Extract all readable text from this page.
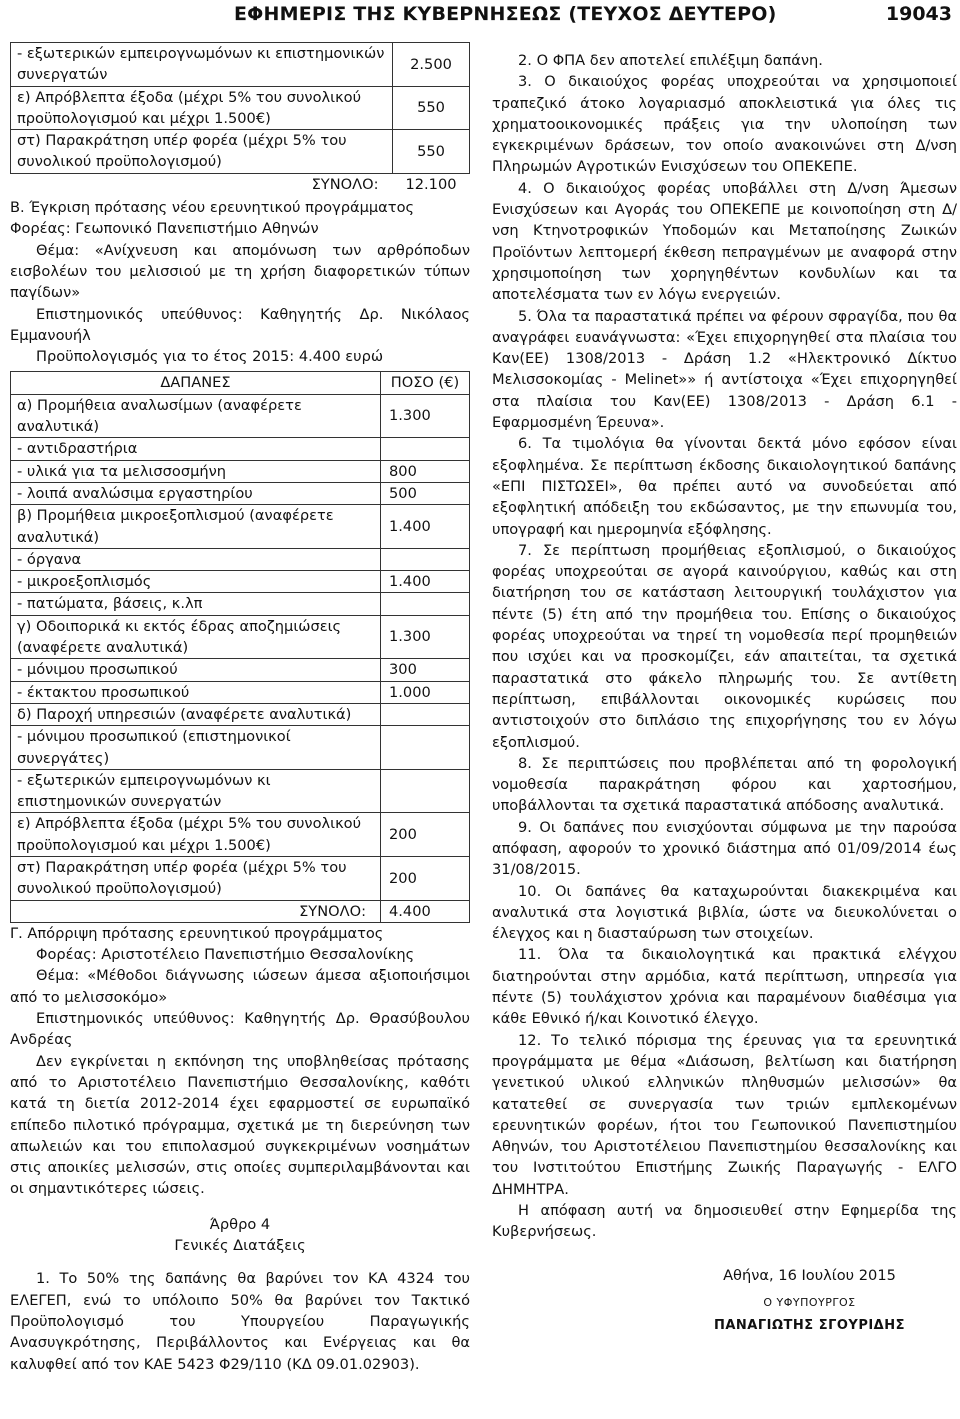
ΕΦΗΜΕΡΙΣ ΤΗΣ ΚΥΒΕΡΝΗΣΕΩΣ (ΤΕΥΧΟΣ ΔΕΥΤΕΡΟ)	19043
- εξωτερικών εμπειρογνωμόνων κι επιστημονικών συνεργατών	2.500
ε) Απρόβλεπτα έξοδα (μέχρι 5% του συνολικού προϋπολογισμού και μέχρι 1.500€)	550
στ) Παρακράτηση υπέρ φορέα (μέχρι 5% του συνολικού προϋπολογισμού)	550
ΣΥΝΟΛΟ:	12.100

Β. Έγκριση πρότασης νέου ερευνητικού προγράμματος

Φορέας: Γεωπονικό Πανεπιστήμιο Αθηνών

Θέμα: «Ανίχνευση και απομόνωση των αρθρόποδων εισβολέων του μελισσιού με τη χρήση διαφορετικών τύπων παγίδων»

Επιστημονικός υπεύθυνος: Καθηγητής Δρ. Νικόλαος Εμμανουήλ

Προϋπολογισμός για το έτος 2015: 4.400 ευρώ

ΔΑΠΑΝΕΣ	ΠΟΣΟ (€)
α) Προμήθεια αναλωσίμων (αναφέρετε αναλυτικά)	1.300
- αντιδραστήρια	
- υλικά για τα μελισσοσμήνη	800
- λοιπά αναλώσιμα εργαστηρίου	500
β) Προμήθεια μικροεξοπλισμού (αναφέρετε αναλυτικά)	1.400
- όργανα	
- μικροεξοπλισμός	1.400
- πατώματα, βάσεις, κ.λπ	
γ) Οδοιπορικά κι εκτός έδρας αποζημιώσεις (αναφέρετε αναλυτικά)	1.300
- μόνιμου προσωπικού	300
- έκτακτου προσωπικού	1.000
δ) Παροχή υπηρεσιών (αναφέρετε αναλυτικά)	
- μόνιμου προσωπικού (επιστημονικοί συνεργάτες)	
- εξωτερικών εμπειρογνωμόνων κι επιστημονικών συνεργατών	
ε) Απρόβλεπτα έξοδα (μέχρι 5% του συνολικού προϋπολογισμού και μέχρι 1.500€)	200
στ) Παρακράτηση υπέρ φορέα (μέχρι 5% του συνολικού προϋπολογισμού)	200
ΣΥΝΟΛΟ:	4.400

Γ. Απόρριψη πρότασης ερευνητικού προγράμματος

Φορέας: Αριστοτέλειο Πανεπιστήμιο Θεσσαλονίκης

Θέμα: «Μέθοδοι διάγνωσης ιώσεων άμεσα αξιοποιήσιμοι από το μελισσοκόμο»

Επιστημονικός υπεύθυνος: Καθηγητής Δρ. Θρασύβουλου Ανδρέας

Δεν εγκρίνεται η εκπόνηση της υποβληθείσας πρότασης από το Αριστοτέλειο Πανεπιστήμιο Θεσσαλονίκης, καθότι κατά τη διετία 2012-2014 έχει εφαρμοστεί σε ευρωπαϊκό επίπεδο πιλοτικό πρόγραμμα, σχετικά με τη διερεύνηση των απωλειών και του επιπολασμού συγκεκριμένων νοσημάτων στις αποικίες μελισσών, στις οποίες συμπεριλαμβάνονται και οι σημαντικότερες ιώσεις.

Άρθρο 4

Γενικές Διατάξεις

1. Το 50% της δαπάνης θα βαρύνει τον ΚΑ 4324 του ΕΛΕΓΕΠ, ενώ το υπόλοιπο 50% θα βαρύνει τον Τακτικό Προϋπολογισμό του Υπουργείου Παραγωγικής Ανασυγκρότησης, Περιβάλλοντος και Ενέργειας και θα καλυφθεί από τον ΚΑΕ 5423 Φ29/110 (ΚΔ 09.01.02903).

2. Ο ΦΠΑ δεν αποτελεί επιλέξιμη δαπάνη.

3. Ο δικαιούχος φορέας υποχρεούται να χρησιμοποιεί τραπεζικό άτοκο λογαριασμό αποκλειστικά για όλες τις χρηματοοικονομικές πράξεις για την υλοποίηση των εγκεκριμένων δράσεων, τον οποίο ανακοινώνει στη Δ/νση Πληρωμών Αγροτικών Ενισχύσεων του ΟΠΕΚΕΠΕ.

4. Ο δικαιούχος φορέας υποβάλλει στη Δ/νση Άμεσων Ενισχύσεων και Αγοράς του ΟΠΕΚΕΠΕ με κοινοποίηση στη Δ/νση Κτηνοτροφικών Υποδομών και Μεταποίησης Ζωικών Προϊόντων λεπτομερή έκθεση πεπραγμένων με αναφορά στην χρησιμοποίηση των χορηγηθέντων κονδυλίων και τα αποτελέσματα των εν λόγω ενεργειών.

5. Όλα τα παραστατικά πρέπει να φέρουν σφραγίδα, που θα αναγράφει ευανάγνωστα: «Έχει επιχορηγηθεί στα πλαίσια του Καν(ΕΕ) 1308/2013 - Δράση 1.2 «Ηλεκτρονικό Δίκτυο Μελισσοκομίας - Melinet»» ή αντίστοιχα «Έχει επιχορηγηθεί στα πλαίσια του Καν(ΕΕ) 1308/2013 - Δράση 6.1 - Εφαρμοσμένη Έρευνα».

6. Τα τιμολόγια θα γίνονται δεκτά μόνο εφόσον είναι εξοφλημένα. Σε περίπτωση έκδοσης δικαιολογητικού δαπάνης «ΕΠΙ ΠΙΣΤΩΣΕΙ», θα πρέπει αυτό να συνοδεύεται από εξοφλητική απόδειξη του εκδώσαντος, με την επωνυμία του, υπογραφή και ημερομηνία εξόφλησης.

7. Σε περίπτωση προμήθειας εξοπλισμού, ο δικαιούχος φορέας υποχρεούται σε αγορά καινούργιου, καθώς και στη διατήρηση του σε κατάσταση λειτουργική τουλάχιστον για πέντε (5) έτη από την προμήθεια του. Επίσης ο δικαιούχος φορέας υποχρεούται να τηρεί τη νομοθεσία περί προμηθειών που ισχύει και να προσκομίζει, εάν απαιτείται, τα σχετικά παραστατικά στο φάκελο πληρωμής του. Σε αντίθετη περίπτωση, επιβάλλονται οικονομικές κυρώσεις που αντιστοιχούν στο διπλάσιο της επιχορήγησης του εν λόγω εξοπλισμού.

8. Σε περιπτώσεις που προβλέπεται από τη φορολογική νομοθεσία παρακράτηση φόρου και χαρτοσήμου, υποβάλλονται τα σχετικά παραστατικά απόδοσης αναλυτικά.

9. Οι δαπάνες που ενισχύονται σύμφωνα με την παρούσα απόφαση, αφορούν το χρονικό διάστημα από 01/09/2014 έως 31/08/2015.

10. Οι δαπάνες θα καταχωρούνται διακεκριμένα και αναλυτικά στα λογιστικά βιβλία, ώστε να διευκολύνεται ο έλεγχος και η διασταύρωση των στοιχείων.

11. Όλα τα δικαιολογητικά και πρακτικά ελέγχου διατηρούνται στην αρμόδια, κατά περίπτωση, υπηρεσία για πέντε (5) τουλάχιστον χρόνια και παραμένουν διαθέσιμα για κάθε Εθνικό ή/και Κοινοτικό έλεγχο.

12. Το τελικό πόρισμα της έρευνας για τα ερευνητικά προγράμματα με θέμα «Διάσωση, βελτίωση και διατήρηση γενετικού υλικού ελληνικών πληθυσμών μελισσών» θα κατατεθεί σε συνεργασία των τριών εμπλεκομένων ερευνητικών φορέων, ήτοι του Γεωπονικού Πανεπιστημίου Αθηνών, του Αριστοτέλειου Πανεπιστημίου θεσσαλονίκης και του Ινστιτούτου Επιστήμης Ζωικής Παραγωγής - ΕΛΓΟ ΔΗΜΗΤΡΑ.

Η απόφαση αυτή να δημοσιευθεί στην Εφημερίδα της Κυβερνήσεως.

Αθήνα, 16 Ιουλίου 2015

Ο ΥΦΥΠΟΥΡΓΟΣ

ΠΑΝΑΓΙΩΤΗΣ ΣΓΟΥΡΙΔΗΣ
